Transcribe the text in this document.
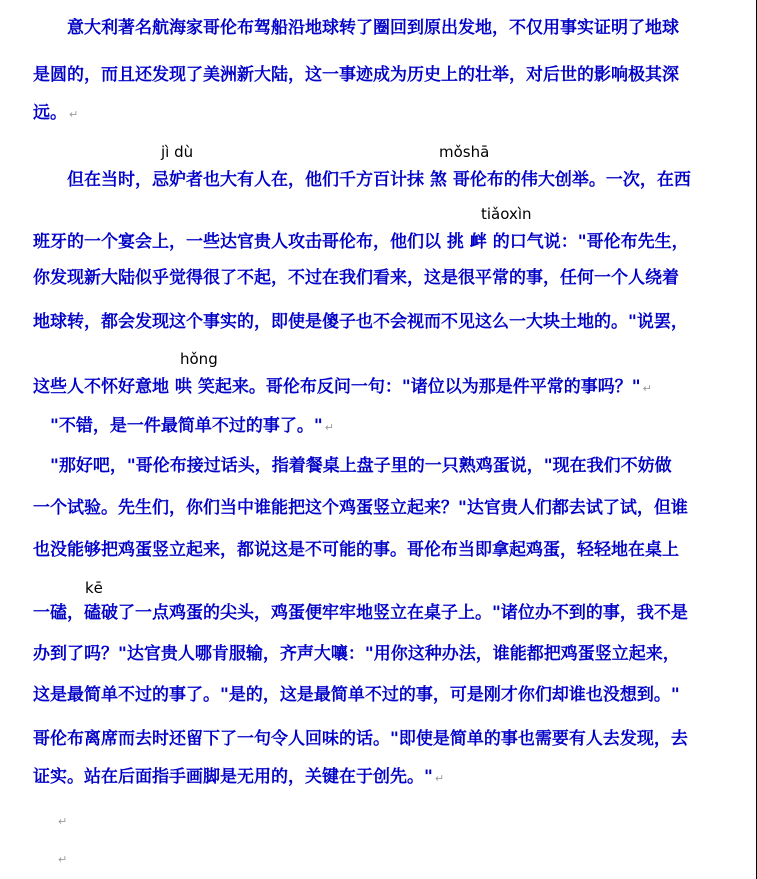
jì dù	mǒshā
tiǎoxìn
hǒng
kē
　　意大利著名航海家哥伦布驾船沿地球转了圈回到原出发地，不仅用事实证明了地球
是圆的，而且还发现了美洲新大陆，这一事迹成为历史上的壮举，对后世的影响极其深
远。 ↵
　　但在当时，忌妒者也大有人在，他们千方百计抹 煞 哥伦布的伟大创举。一次，在西
班牙的一个宴会上，一些达官贵人攻击哥伦布，他们以 挑 衅 的口气说："哥伦布先生，
你发现新大陆似乎觉得很了不起，不过在我们看来，这是很平常的事，任何一个人绕着
地球转，都会发现这个事实的，即使是傻子也不会视而不见这么一大块土地的。"说罢，
这些人不怀好意地 哄 笑起来。哥伦布反问一句："诸位以为那是件平常的事吗？" ↵
　"不错，是一件最简单不过的事了。" ↵
　"那好吧，"哥伦布接过话头，指着餐桌上盘子里的一只熟鸡蛋说，"现在我们不妨做
一个试验。先生们，你们当中谁能把这个鸡蛋竖立起来？"达官贵人们都去试了试，但谁
也没能够把鸡蛋竖立起来，都说这是不可能的事。哥伦布当即拿起鸡蛋，轻轻地在桌上
一磕，磕破了一点鸡蛋的尖头，鸡蛋便牢牢地竖立在桌子上。"诸位办不到的事，我不是
办到了吗？"达官贵人哪肯服输，齐声大嚷："用你这种办法，谁能都把鸡蛋竖立起来，
这是最简单不过的事了。"是的，这是最简单不过的事，可是刚才你们却谁也没想到。"
哥伦布离席而去时还留下了一句令人回味的话。"即使是简单的事也需要有人去发现，去
证实。站在后面指手画脚是无用的，关键在于创先。" ↵
↵
↵
